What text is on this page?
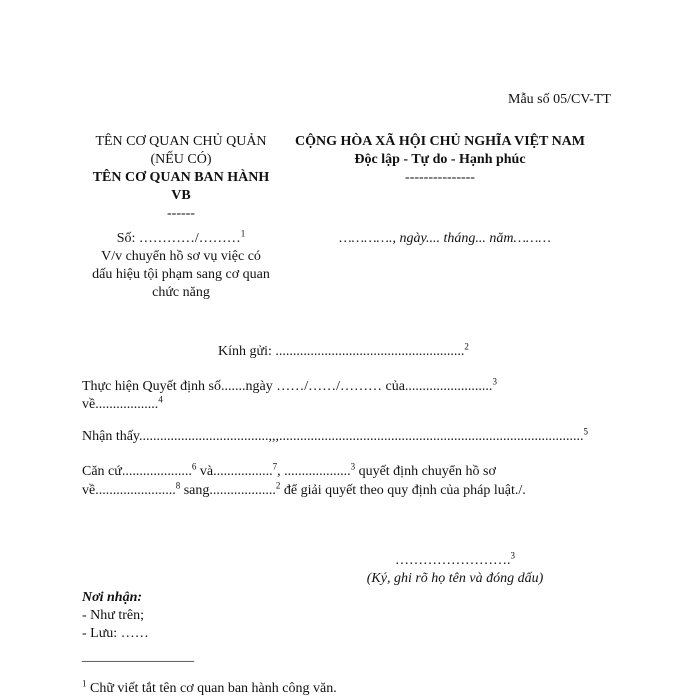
Mẫu số 05/CV-TT
TÊN CƠ QUAN CHỦ QUẢN
(NẾU CÓ)
TÊN CƠ QUAN BAN HÀNH
VB
------
CỘNG HÒA XÃ HỘI CHỦ NGHĨA VIỆT NAM
Độc lập - Tự do - Hạnh phúc
---------------
Số: …………/………$^1$
V/v chuyển hồ sơ vụ việc có
dấu hiệu tội phạm sang cơ quan
chức năng
…………., ngày.... tháng... năm………
Kính gửi: ......................................................$^2$
Thực hiện Quyết định số.......ngày ……/……/……… của.........................$^3$
về..................$^4$
Nhận thấy.....................................,,,.......................................................................................$^5$
Căn cứ....................$^6$ và.................$^7$, ...................$^3$ quyết định chuyển hồ sơ
về.......................$^8$ sang...................$^2$ để giải quyết theo quy định của pháp luật./.
…………………….$^3$
(Ký, ghi rõ họ tên và đóng dấu)
Nơi nhận:
- Như trên;
- Lưu: ……
________________
$^1$ Chữ viết tắt tên cơ quan ban hành công văn.
